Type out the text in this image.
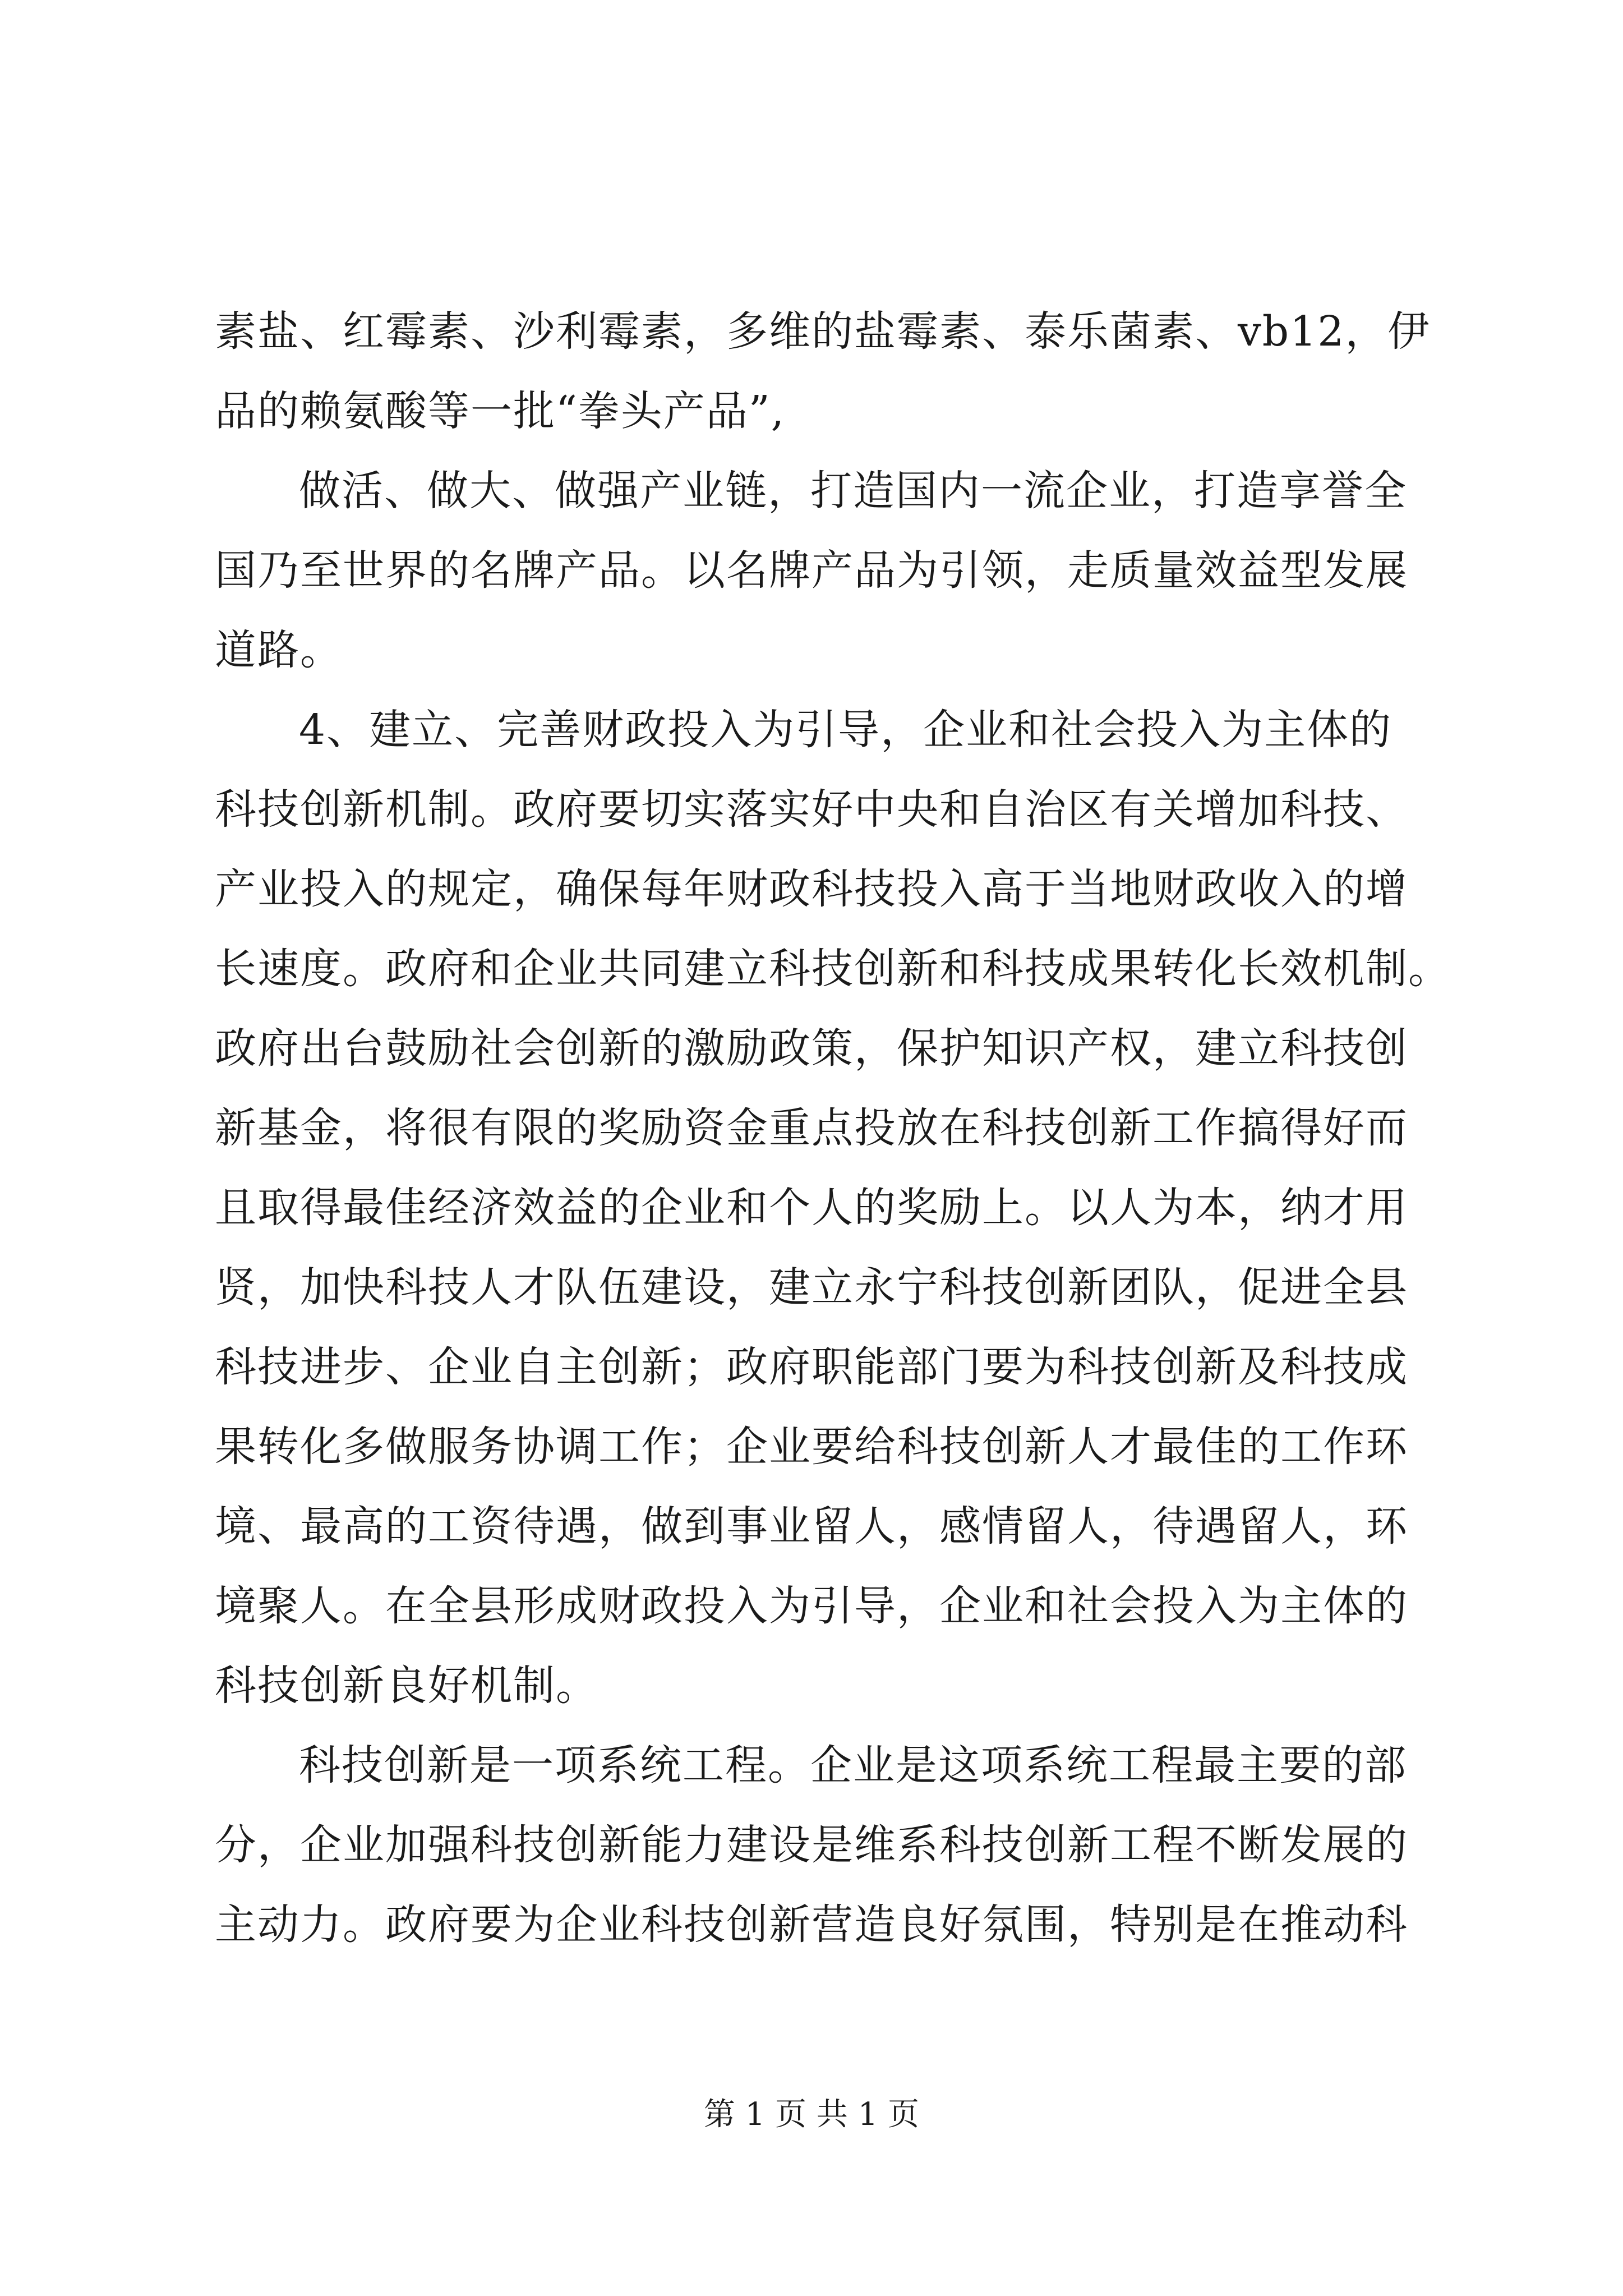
素盐、红霉素、沙利霉素，多维的盐霉素、泰乐菌素、vb12，伊
品的赖氨酸等一批“拳头产品”,
做活、做大、做强产业链，打造国内一流企业，打造享誉全
国乃至世界的名牌产品。以名牌产品为引领，走质量效益型发展
道路。
4、建立、完善财政投入为引导，企业和社会投入为主体的
科技创新机制。政府要切实落实好中央和自治区有关增加科技、
产业投入的规定，确保每年财政科技投入高于当地财政收入的增
长速度。政府和企业共同建立科技创新和科技成果转化长效机制。
政府出台鼓励社会创新的激励政策，保护知识产权，建立科技创
新基金，将很有限的奖励资金重点投放在科技创新工作搞得好而
且取得最佳经济效益的企业和个人的奖励上。以人为本，纳才用
贤，加快科技人才队伍建设，建立永宁科技创新团队，促进全县
科技进步、企业自主创新；政府职能部门要为科技创新及科技成
果转化多做服务协调工作；企业要给科技创新人才最佳的工作环
境、最高的工资待遇，做到事业留人，感情留人，待遇留人，环
境聚人。在全县形成财政投入为引导，企业和社会投入为主体的
科技创新良好机制。
科技创新是一项系统工程。企业是这项系统工程最主要的部
分，企业加强科技创新能力建设是维系科技创新工程不断发展的
主动力。政府要为企业科技创新营造良好氛围，特别是在推动科
第 1 页 共 1 页
